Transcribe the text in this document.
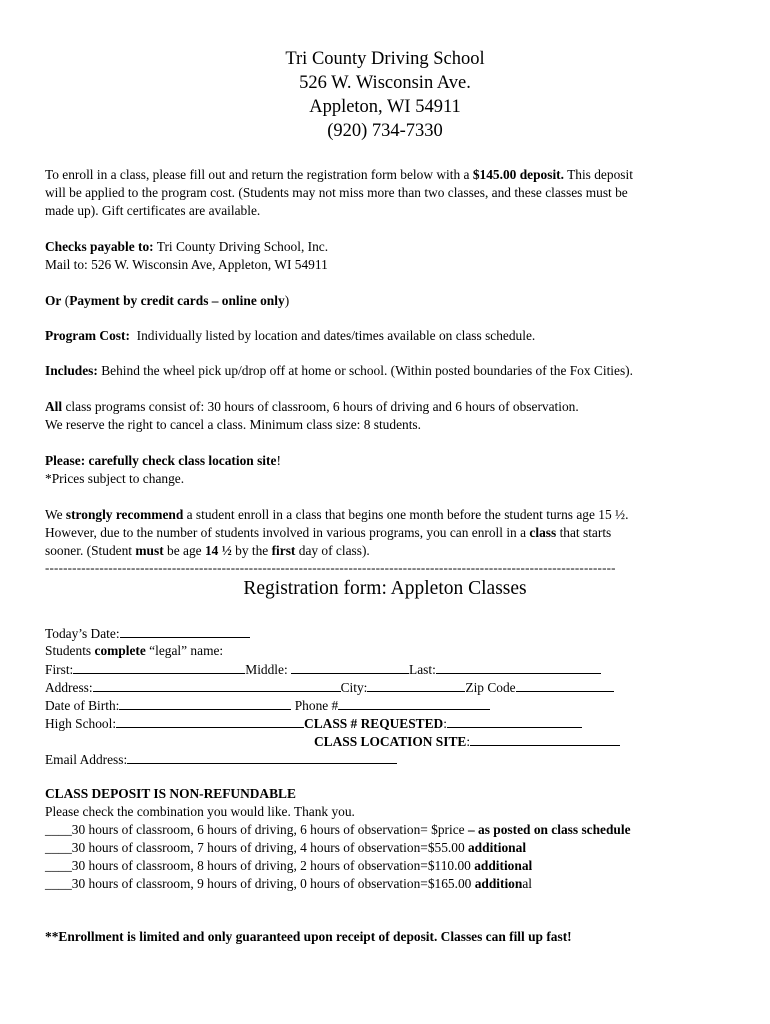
Tri County Driving School
526 W. Wisconsin Ave.
Appleton, WI 54911
(920) 734-7330
To enroll in a class, please fill out and return the registration form below with a $145.00 deposit. This deposit
will be applied to the program cost. (Students may not miss more than two classes, and these classes must be
made up). Gift certificates are available.
Checks payable to: Tri County Driving School, Inc.
Mail to: 526 W. Wisconsin Ave, Appleton, WI 54911
Or (Payment by credit cards – online only)
Program Cost: Individually listed by location and dates/times available on class schedule.
Includes: Behind the wheel pick up/drop off at home or school. (Within posted boundaries of the Fox Cities).
All class programs consist of: 30 hours of classroom, 6 hours of driving and 6 hours of observation.
We reserve the right to cancel a class. Minimum class size: 8 students.
Please: carefully check class location site!
*Prices subject to change.
We strongly recommend a student enroll in a class that begins one month before the student turns age 15 ½.
However, due to the number of students involved in various programs, you can enroll in a class that starts
sooner. (Student must be age 14 ½ by the first day of class).
------------------------------------------------------------------------------------------------------------------------------
Registration form: Appleton Classes
Today’s Date:
Students complete “legal” name:
First:	Middle:	Last:
Address:	City:	Zip Code
Date of Birth:	Phone #
High School:	CLASS # REQUESTED:
CLASS LOCATION SITE:
Email Address:
CLASS DEPOSIT IS NON-REFUNDABLE
Please check the combination you would like. Thank you.
____30 hours of classroom, 6 hours of driving, 6 hours of observation= $price – as posted on class schedule
____30 hours of classroom, 7 hours of driving, 4 hours of observation=$55.00 additional
____30 hours of classroom, 8 hours of driving, 2 hours of observation=$110.00 additional
____30 hours of classroom, 9 hours of driving, 0 hours of observation=$165.00 additional
**Enrollment is limited and only guaranteed upon receipt of deposit. Classes can fill up fast!
